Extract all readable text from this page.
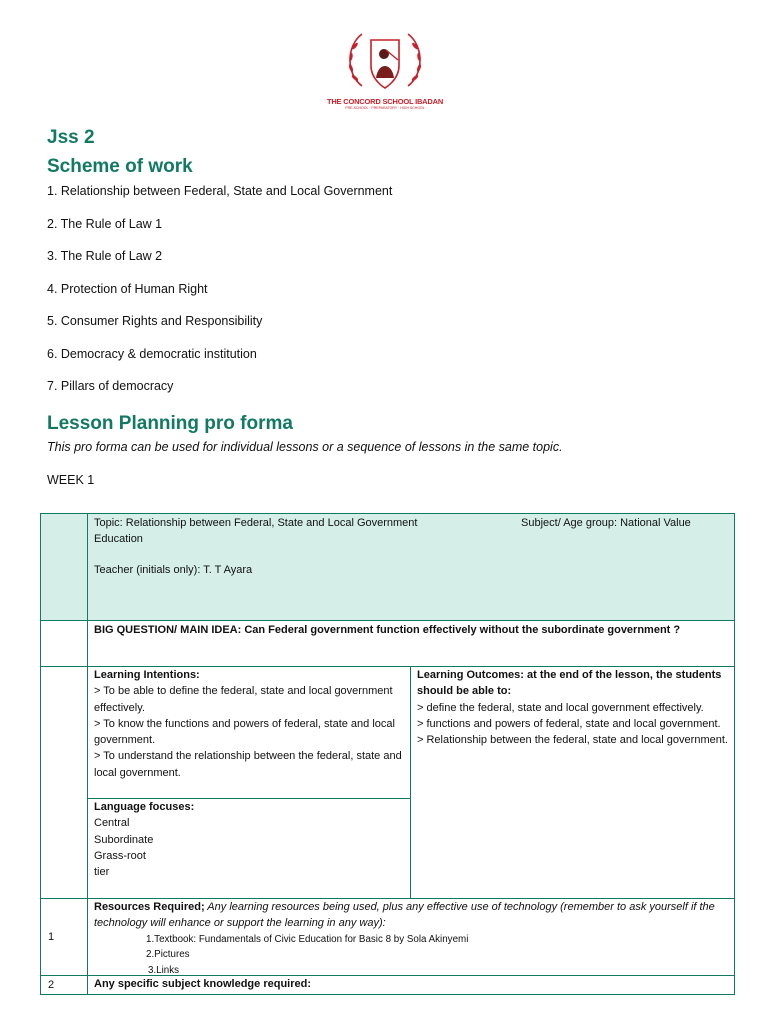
THE CONCORD SCHOOL IBADAN
PRE-SCHOOL · PREPARATORY · HIGH SCHOOL
Jss 2
Scheme of work
1. Relationship between Federal, State and Local Government
2. The Rule of Law 1
3. The Rule of Law 2
4. Protection of Human Right
5. Consumer Rights and Responsibility
6. Democracy & democratic institution
7. Pillars of democracy
Lesson Planning pro forma
This pro forma can be used for individual lessons or a sequence of lessons in the same topic.
WEEK 1
Topic: Relationship between Federal, State and Local Government	Subject/ Age group: National Value
Education
Teacher (initials only): T. T Ayara
BIG QUESTION/ MAIN IDEA: Can Federal government function effectively without the subordinate government ?
Learning Intentions:
> To be able to define the federal, state and local government effectively.
> To know the functions and powers of federal, state and local government.
> To understand the relationship between the federal, state and local government.
Language focuses:
Central
Subordinate
Grass-root
tier
Learning Outcomes: at the end of the lesson, the students should be able to:
> define the federal, state and local government effectively.
> functions and powers of federal, state and local government.
> Relationship between the federal, state and local government.
1
Resources Required; Any learning resources being used, plus any effective use of technology (remember to ask yourself if the technology will enhance or support the learning in any way):
1.Textbook: Fundamentals of Civic Education for Basic 8 by Sola Akinyemi
2.Pictures
3.Links
2	Any specific subject knowledge required:
